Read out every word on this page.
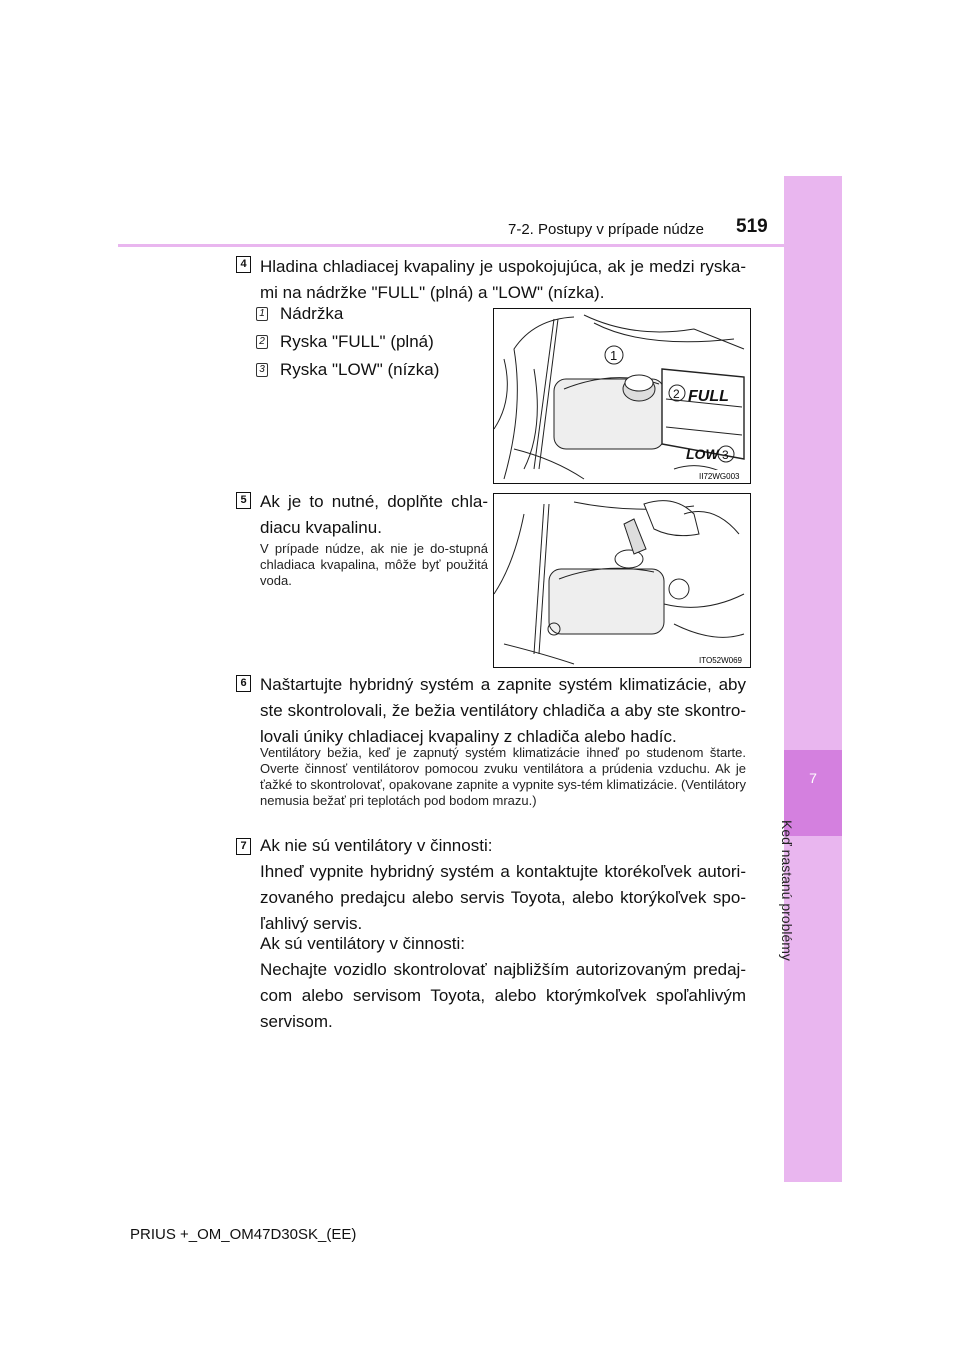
7-2. Postupy v prípade núdze 519
7
Keď nastanú problémy
4 Hladina chladiacej kvapaliny je uspokojujúca, ak je medzi ryska-mi na nádržke "FULL" (plná) a "LOW" (nízka).
1 Nádržka
2 Ryska "FULL" (plná)
3 Ryska "LOW" (nízka)
1
2
3
FULL
LOW
II72WG003
5 Ak je to nutné, doplňte chla-diacu kvapalinu.
V prípade núdze, ak nie je do-stupná chladiaca kvapalina, môže byť použitá voda.
ITO52W069
6 Naštartujte hybridný systém a zapnite systém klimatizácie, aby ste skontrolovali, že bežia ventilátory chladiča a aby ste skontro-lovali úniky chladiacej kvapaliny z chladiča alebo hadíc.
Ventilátory bežia, keď je zapnutý systém klimatizácie ihneď po studenom štarte. Overte činnosť ventilátorov pomocou zvuku ventilátora a prúdenia vzduchu. Ak je ťažké to skontrolovať, opakovane zapnite a vypnite sys-tém klimatizácie. (Ventilátory nemusia bežať pri teplotách pod bodom mrazu.)
7 Ak nie sú ventilátory v činnosti:
Ihneď vypnite hybridný systém a kontaktujte ktorékoľvek autori-zovaného predajcu alebo servis Toyota, alebo ktorýkoľvek spo-ľahlivý servis.
Ak sú ventilátory v činnosti:
Nechajte vozidlo skontrolovať najbližším autorizovaným predaj-com alebo servisom Toyota, alebo ktorýmkoľvek spoľahlivým servisom.
PRIUS +_OM_OM47D30SK_(EE)
